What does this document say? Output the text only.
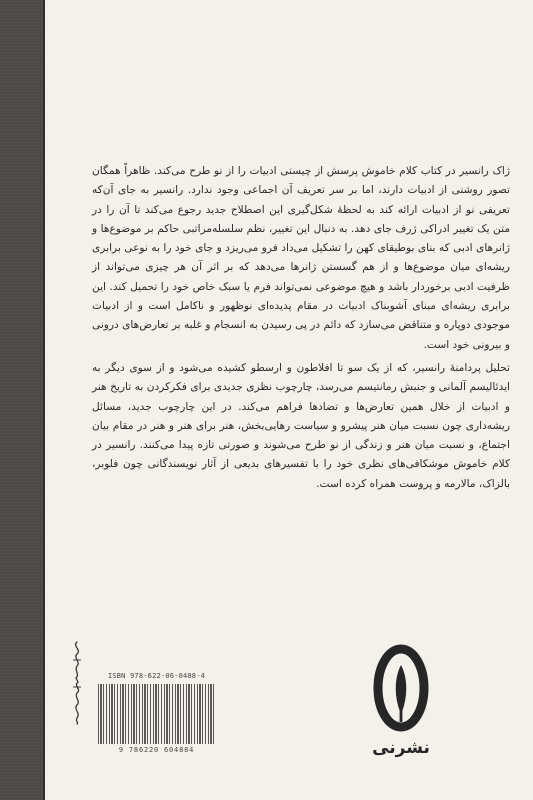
ژاک رانسیر در کتاب کلام خاموش پرسش از چیستی ادبیات را از نو طرح می‌کند. ظاهراً همگان تصور روشنی از ادبیات دارند، اما بر سر تعریف آن اجماعی وجود ندارد. رانسیر به جای آن‌که تعریفی نو از ادبیات ارائه کند به لحظهٔ شکل‌گیری این اصطلاح جدید رجوع می‌کند تا آن را در متن یک تغییر ادراکی ژرف جای دهد. به دنبال این تغییر، نظم سلسله‌مراتبی حاکم بر موضوع‌ها و ژانرهای ادبی که بنای بوطیقای کهن را تشکیل می‌داد فرو می‌ریزد و جای خود را به نوعی برابری ریشه‌ای میان موضوع‌ها و از هم گسستن ژانرها می‌دهد که بر اثر آن هر چیزی می‌تواند از ظرفیت ادبی برخوردار باشد و هیچ موضوعی نمی‌تواند فرم یا سبک خاص خود را تحمیل کند. این برابری ریشه‌ای مبنای آشوبناک ادبیات در مقام پدیده‌ای نوظهور و ناکامل است و از ادبیات موجودی دوپاره و متناقض می‌سازد که دائم در پی رسیدن به انسجام و غلبه بر تعارض‌های درونی و بیرونی خود است.

تحلیل پردامنهٔ رانسیر، که از یک سو تا افلاطون و ارسطو کشیده می‌شود و از سوی دیگر به ایدئالیسم آلمانی و جنبش رمانتیسم می‌رسد، چارچوب نظری جدیدی برای فکرکردن به تاریخ هنر و ادبیات از خلال همین تعارض‌ها و تضادها فراهم می‌کند. در این چارچوب جدید، مسائل ریشه‌داری چون نسبت میان هنر پیشرو و سیاست رهایی‌بخش، هنر برای هنر و هنر در مقام بیان اجتماع، و نسبت میان هنر و زندگی از نو طرح می‌شوند و صورتی تازه پیدا می‌کنند. رانسیر در کلام خاموش موشکافی‌های نظری خود را با تفسیرهای بدیعی از آثار نویسندگانی چون فلوبر، بالزاک، مالارمه و پروست همراه کرده است.

ISBN 978-622-06-0488-4
9 786220 604884	نشرنی
